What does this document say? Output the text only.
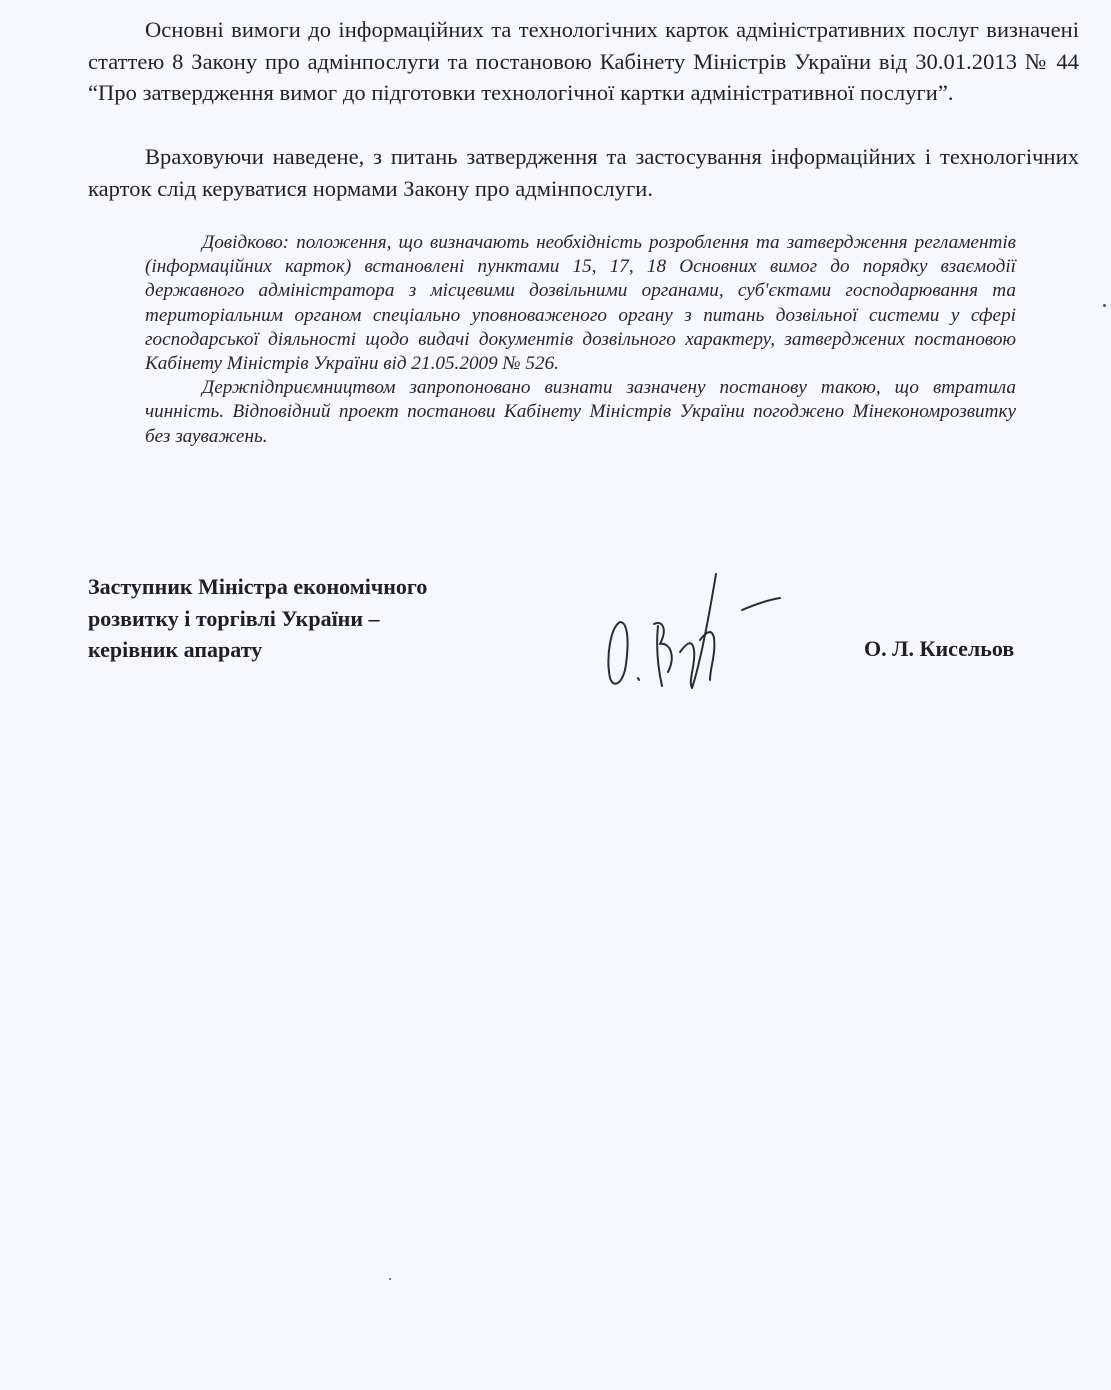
Основні вимоги до інформаційних та технологічних карток адміністративних послуг визначені статтею 8 Закону про адмінпослуги та постановою Кабінету Міністрів України від 30.01.2013 № 44 “Про затвердження вимог до підготовки технологічної картки адміністративної послуги”.

Враховуючи наведене, з питань затвердження та застосування інформаційних і технологічних карток слід керуватися нормами Закону про адмінпослуги.

Довідково: положення, що визначають необхідність розроблення та затвердження регламентів (інформаційних карток) встановлені пунктами 15, 17, 18 Основних вимог до порядку взаємодії державного адміністратора з місцевими дозвільними органами, суб'єктами господарювання та територіальним органом спеціально уповноваженого органу з питань дозвільної системи у сфері господарської діяльності щодо видачі документів дозвільного характеру, затверджених постановою Кабінету Міністрів України від 21.05.2009 № 526.

Держпідприємництвом запропоновано визнати зазначену постанову такою, що втратила чинність. Відповідний проект постанови Кабінету Міністрів України погоджено Мінекономрозвитку без зауважень.

Заступник Міністра економічного
розвитку і торгівлі України –
керівник апарату	О. Л. Кисельов
